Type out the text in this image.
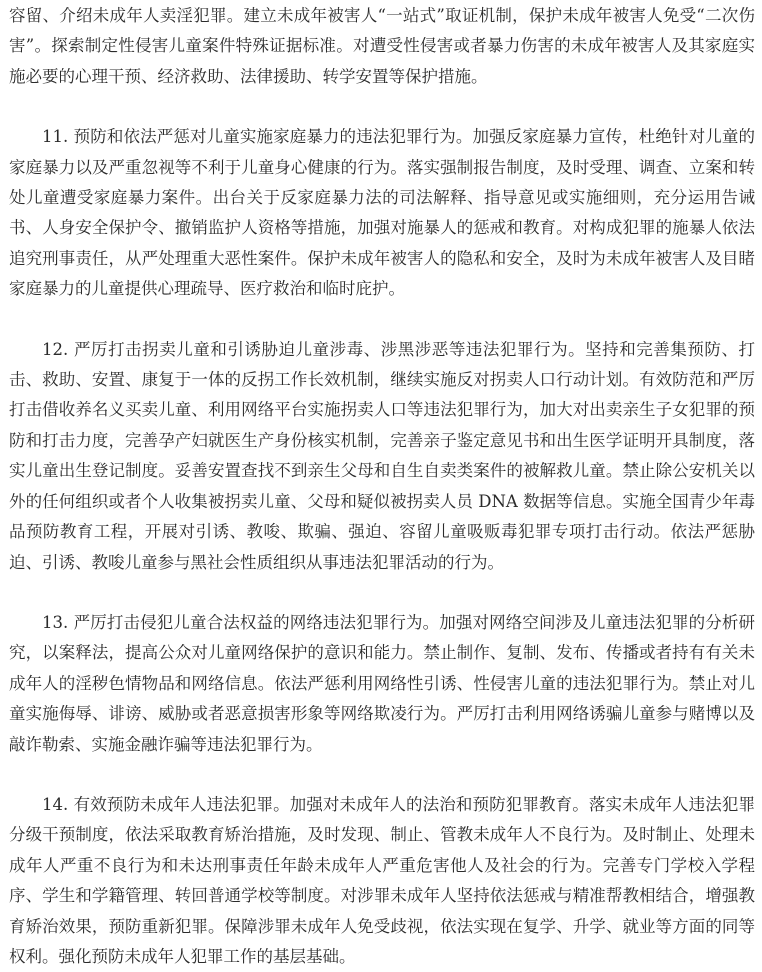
容留、介绍未成年人卖淫犯罪。建立未成年被害人“一站式”取证机制，保护未成年被害人免受“二次伤害”。探索制定性侵害儿童案件特殊证据标准。对遭受性侵害或者暴力伤害的未成年被害人及其家庭实施必要的心理干预、经济救助、法律援助、转学安置等保护措施。

11. 预防和依法严惩对儿童实施家庭暴力的违法犯罪行为。加强反家庭暴力宣传，杜绝针对儿童的家庭暴力以及严重忽视等不利于儿童身心健康的行为。落实强制报告制度，及时受理、调查、立案和转处儿童遭受家庭暴力案件。出台关于反家庭暴力法的司法解释、指导意见或实施细则，充分运用告诫书、人身安全保护令、撤销监护人资格等措施，加强对施暴人的惩戒和教育。对构成犯罪的施暴人依法追究刑事责任，从严处理重大恶性案件。保护未成年被害人的隐私和安全，及时为未成年被害人及目睹家庭暴力的儿童提供心理疏导、医疗救治和临时庇护。

12. 严厉打击拐卖儿童和引诱胁迫儿童涉毒、涉黑涉恶等违法犯罪行为。坚持和完善集预防、打击、救助、安置、康复于一体的反拐工作长效机制，继续实施反对拐卖人口行动计划。有效防范和严厉打击借收养名义买卖儿童、利用网络平台实施拐卖人口等违法犯罪行为，加大对出卖亲生子女犯罪的预防和打击力度，完善孕产妇就医生产身份核实机制，完善亲子鉴定意见书和出生医学证明开具制度，落实儿童出生登记制度。妥善安置查找不到亲生父母和自生自卖类案件的被解救儿童。禁止除公安机关以外的任何组织或者个人收集被拐卖儿童、父母和疑似被拐卖人员 DNA 数据等信息。实施全国青少年毒品预防教育工程，开展对引诱、教唆、欺骗、强迫、容留儿童吸贩毒犯罪专项打击行动。依法严惩胁迫、引诱、教唆儿童参与黑社会性质组织从事违法犯罪活动的行为。

13. 严厉打击侵犯儿童合法权益的网络违法犯罪行为。加强对网络空间涉及儿童违法犯罪的分析研究，以案释法，提高公众对儿童网络保护的意识和能力。禁止制作、复制、发布、传播或者持有有关未成年人的淫秽色情物品和网络信息。依法严惩利用网络性引诱、性侵害儿童的违法犯罪行为。禁止对儿童实施侮辱、诽谤、威胁或者恶意损害形象等网络欺凌行为。严厉打击利用网络诱骗儿童参与赌博以及敲诈勒索、实施金融诈骗等违法犯罪行为。

14. 有效预防未成年人违法犯罪。加强对未成年人的法治和预防犯罪教育。落实未成年人违法犯罪分级干预制度，依法采取教育矫治措施，及时发现、制止、管教未成年人不良行为。及时制止、处理未成年人严重不良行为和未达刑事责任年龄未成年人严重危害他人及社会的行为。完善专门学校入学程序、学生和学籍管理、转回普通学校等制度。对涉罪未成年人坚持依法惩戒与精准帮教相结合，增强教育矫治效果，预防重新犯罪。保障涉罪未成年人免受歧视，依法实现在复学、升学、就业等方面的同等权利。强化预防未成年人犯罪工作的基层基础。
